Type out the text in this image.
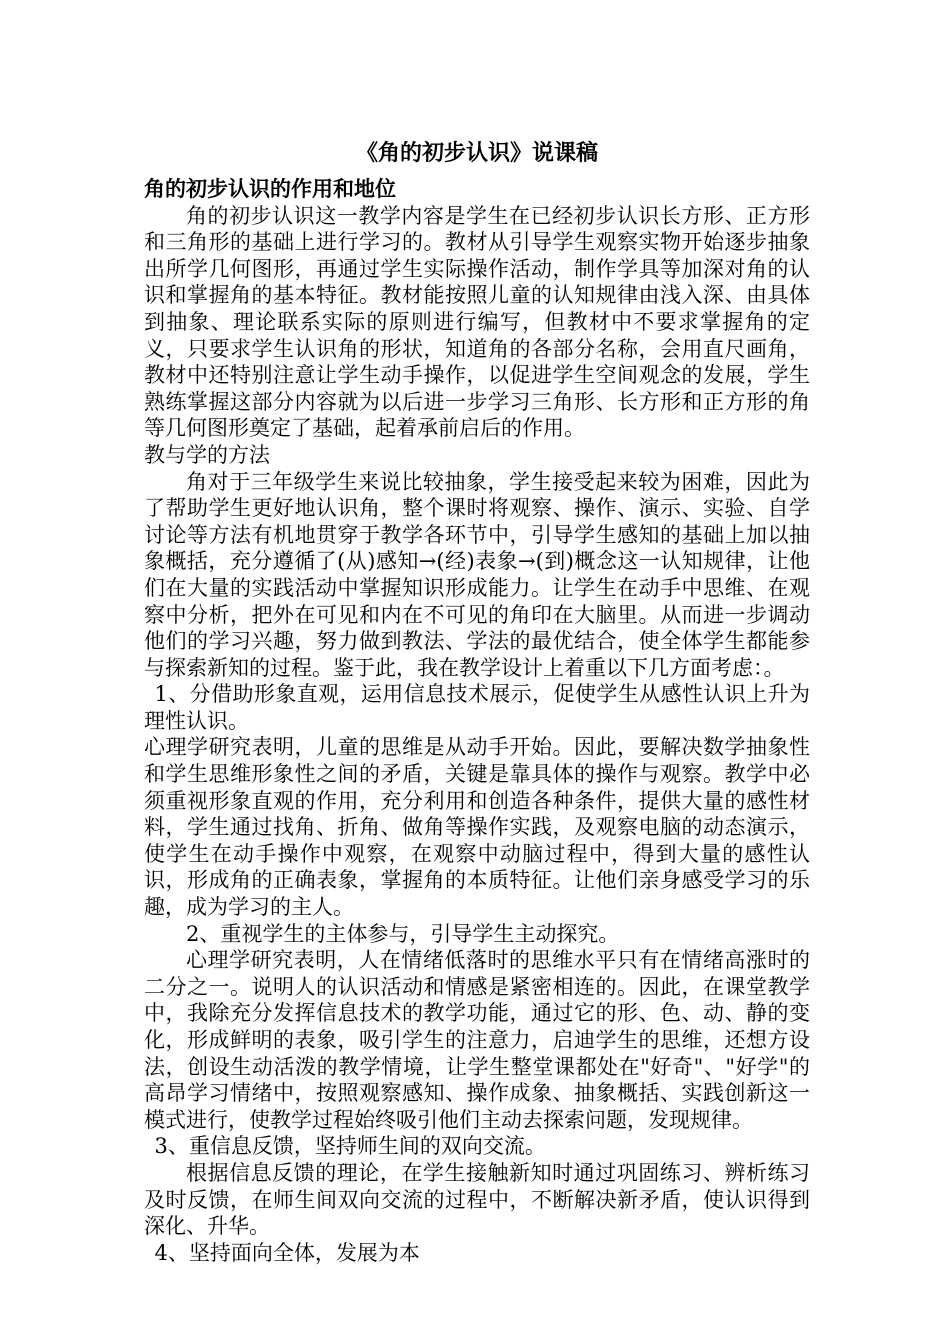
《角的初步认识》说课稿
角的初步认识的作用和地位

角的初步认识这一教学内容是学生在已经初步认识长方形、正方形和三角形的基础上进行学习的。教材从引导学生观察实物开始逐步抽象出所学几何图形，再通过学生实际操作活动，制作学具等加深对角的认识和掌握角的基本特征。教材能按照儿童的认知规律由浅入深、由具体到抽象、理论联系实际的原则进行编写，但教材中不要求掌握角的定义，只要求学生认识角的形状，知道角的各部分名称，会用直尺画角，教材中还特别注意让学生动手操作，以促进学生空间观念的发展，学生熟练掌握这部分内容就为以后进一步学习三角形、长方形和正方形的角等几何图形奠定了基础，起着承前启后的作用。

教与学的方法

角对于三年级学生来说比较抽象，学生接受起来较为困难，因此为了帮助学生更好地认识角，整个课时将观察、操作、演示、实验、自学讨论等方法有机地贯穿于教学各环节中，引导学生感知的基础上加以抽象概括，充分遵循了(从)感知→(经)表象→(到)概念这一认知规律，让他们在大量的实践活动中掌握知识形成能力。让学生在动手中思维、在观察中分析，把外在可见和内在不可见的角印在大脑里。从而进一步调动他们的学习兴趣，努力做到教法、学法的最优结合，使全体学生都能参与探索新知的过程。鉴于此，我在教学设计上着重以下几方面考虑：。

1、分借助形象直观，运用信息技术展示，促使学生从感性认识上升为理性认识。

心理学研究表明，儿童的思维是从动手开始。因此，要解决数学抽象性和学生思维形象性之间的矛盾，关键是靠具体的操作与观察。教学中必须重视形象直观的作用，充分利用和创造各种条件，提供大量的感性材料，学生通过找角、折角、做角等操作实践，及观察电脑的动态演示，使学生在动手操作中观察，在观察中动脑过程中，得到大量的感性认识，形成角的正确表象，掌握角的本质特征。让他们亲身感受学习的乐趣，成为学习的主人。

2、重视学生的主体参与，引导学生主动探究。

心理学研究表明，人在情绪低落时的思维水平只有在情绪高涨时的二分之一。说明人的认识活动和情感是紧密相连的。因此，在课堂教学中，我除充分发挥信息技术的教学功能，通过它的形、色、动、静的变化，形成鲜明的表象，吸引学生的注意力，启迪学生的思维，还想方设法，创设生动活泼的教学情境，让学生整堂课都处在"好奇"、"好学"的高昂学习情绪中，按照观察感知、操作成象、抽象概括、实践创新这一模式进行，使教学过程始终吸引他们主动去探索问题，发现规律。

3、重信息反馈，坚持师生间的双向交流。

根据信息反馈的理论，在学生接触新知时通过巩固练习、辨析练习及时反馈，在师生间双向交流的过程中，不断解决新矛盾，使认识得到深化、升华。

4、坚持面向全体，发展为本
